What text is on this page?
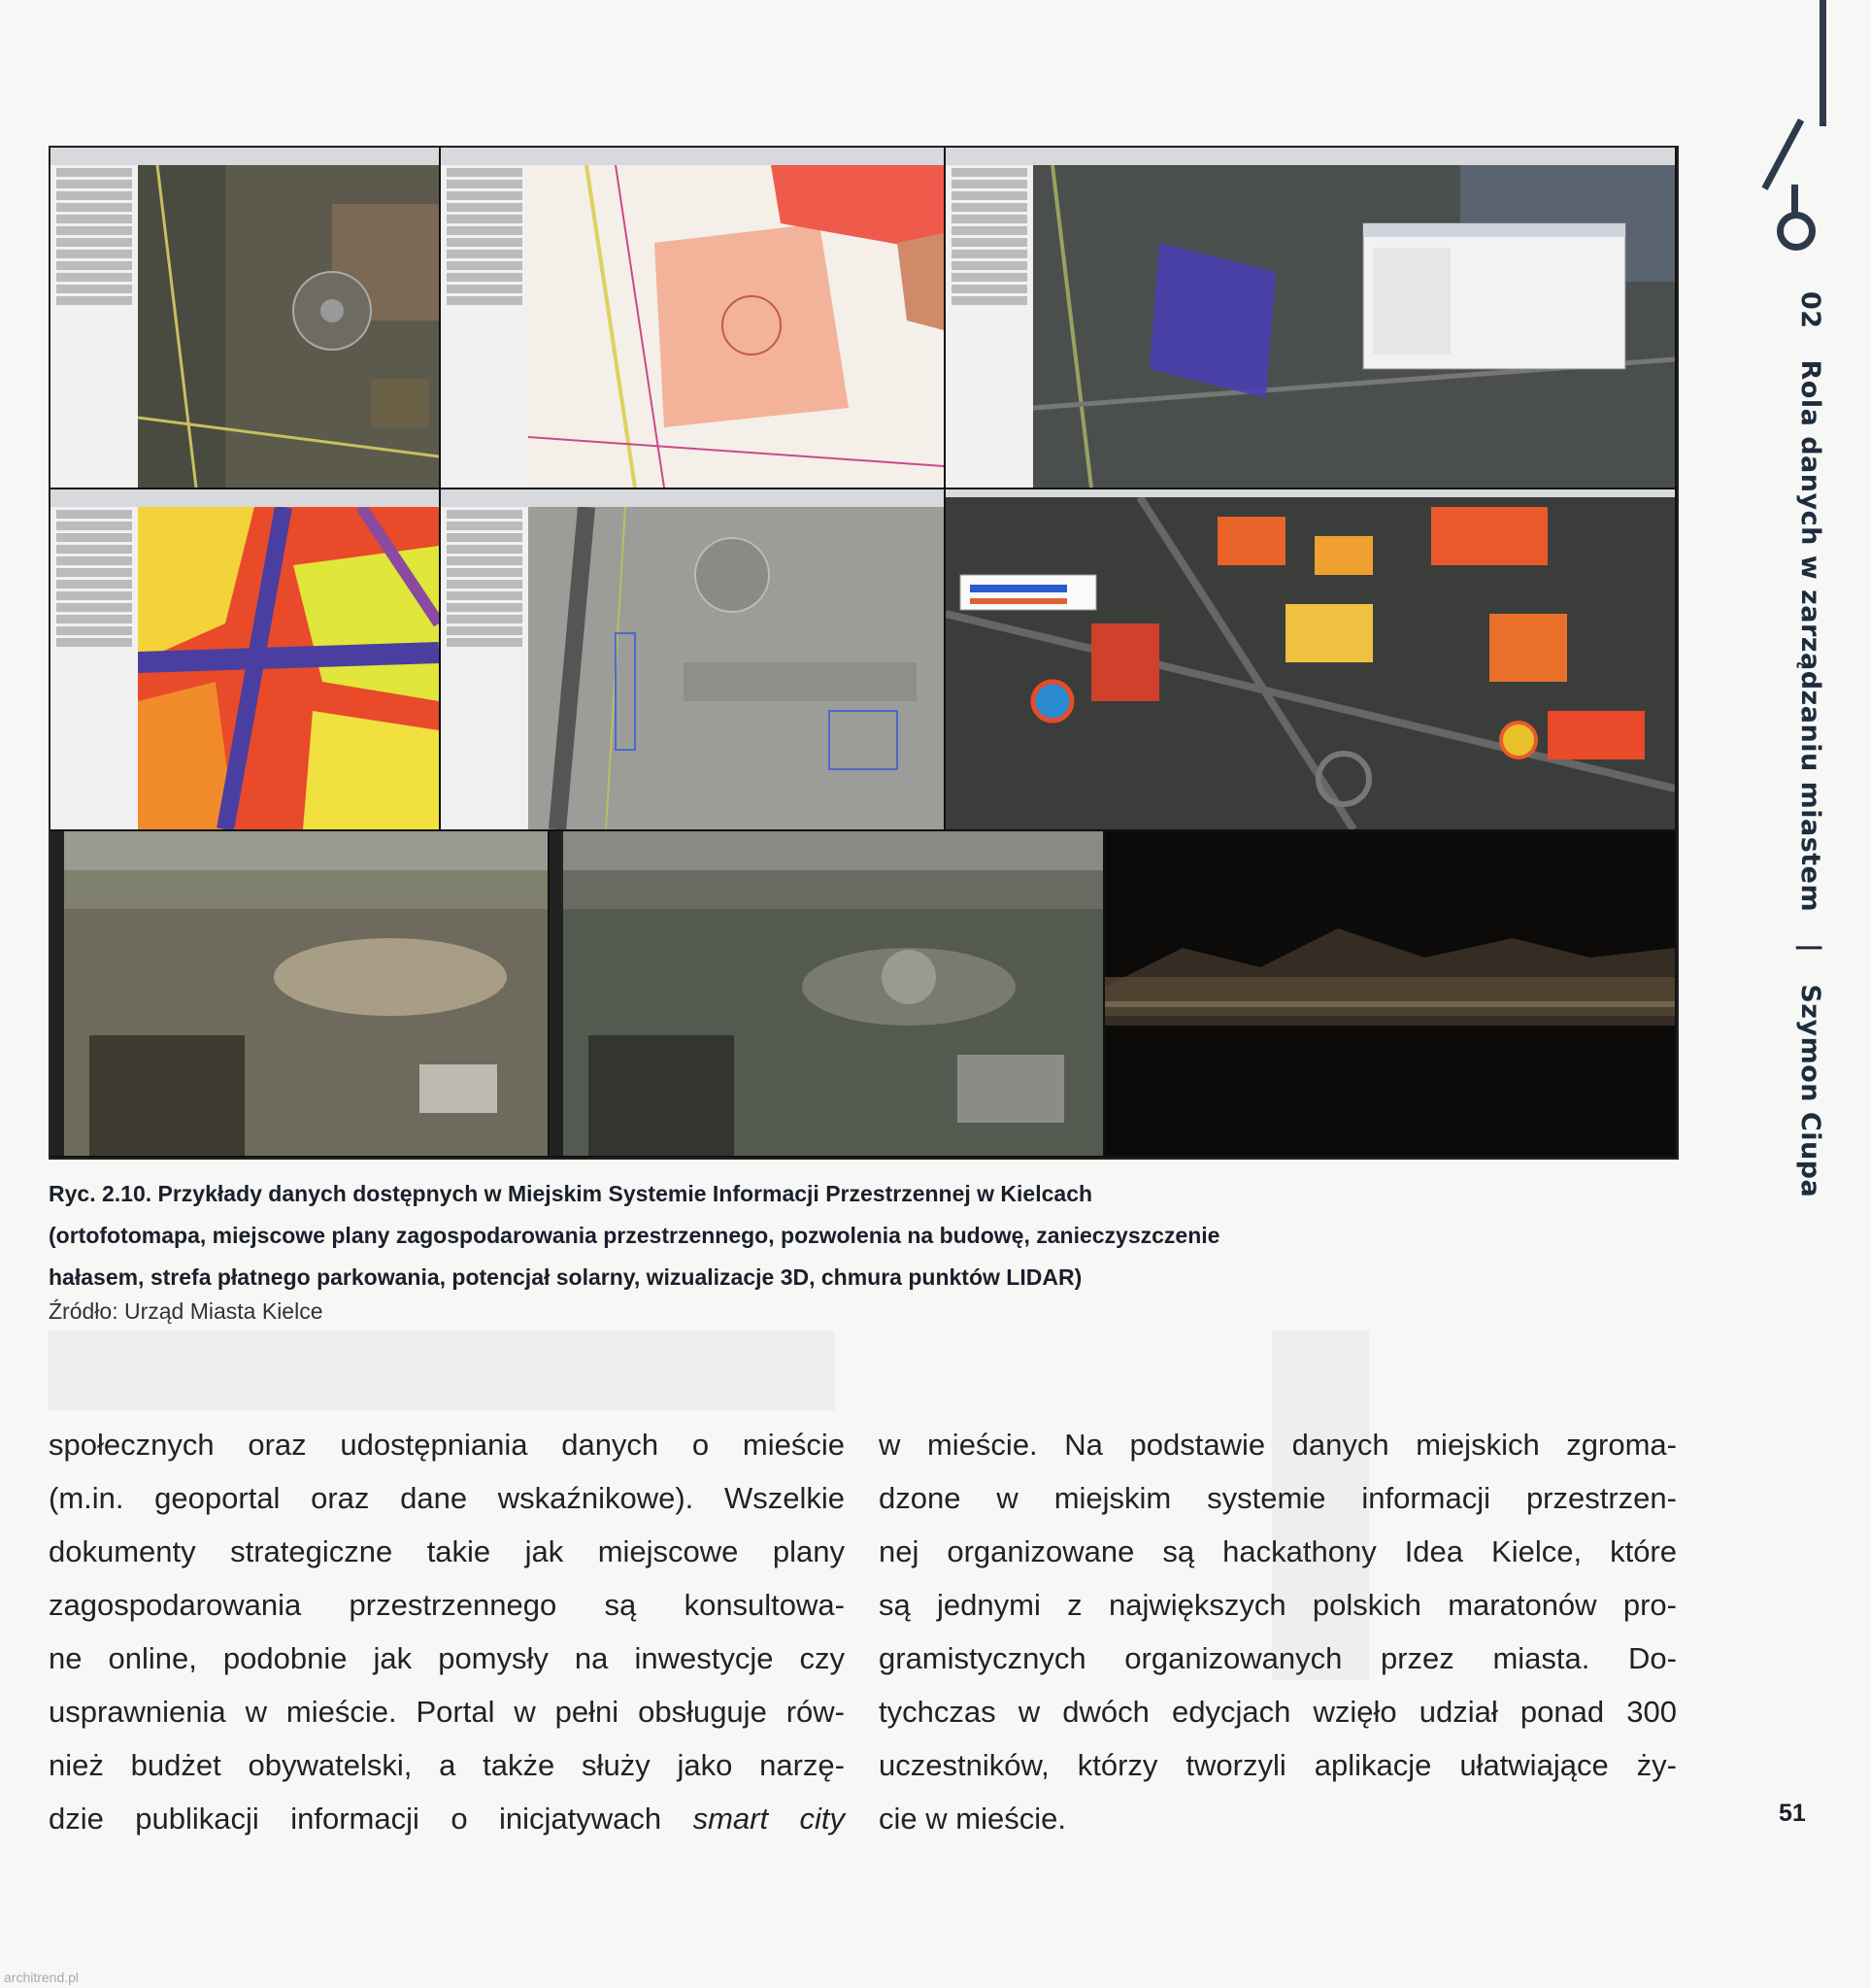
02 Rola danych w zarządzaniu miastem | Szymon Ciupa
Ryc. 2.10. Przykłady danych dostępnych w Miejskim Systemie Informacji Przestrzennej w Kielcach
(ortofotomapa, miejscowe plany zagospodarowania przestrzennego, pozwolenia na budowę, zanieczyszczenie
hałasem, strefa płatnego parkowania, potencjał solarny, wizualizacje 3D, chmura punktów LIDAR)
Źródło: Urząd Miasta Kielce
społecznych oraz udostępniania danych o mieście
(m.in. geoportal oraz dane wskaźnikowe). Wszelkie
dokumenty strategiczne takie jak miejscowe plany
zagospodarowania przestrzennego są konsultowa-
ne online, podobnie jak pomysły na inwestycje czy
usprawnienia w mieście. Portal w pełni obsługuje rów-
nież budżet obywatelski, a także służy jako narzę-
dzie publikacji informacji o inicjatywach smart city
w mieście. Na podstawie danych miejskich zgroma-
dzone w miejskim systemie informacji przestrzen-
nej organizowane są hackathony Idea Kielce, które
są jednymi z największych polskich maratonów pro-
gramistycznych organizowanych przez miasta. Do-
tychczas w dwóch edycjach wzięło udział ponad 300
uczestników, którzy tworzyli aplikacje ułatwiające ży-
cie w mieście.	51
architrend.pl
